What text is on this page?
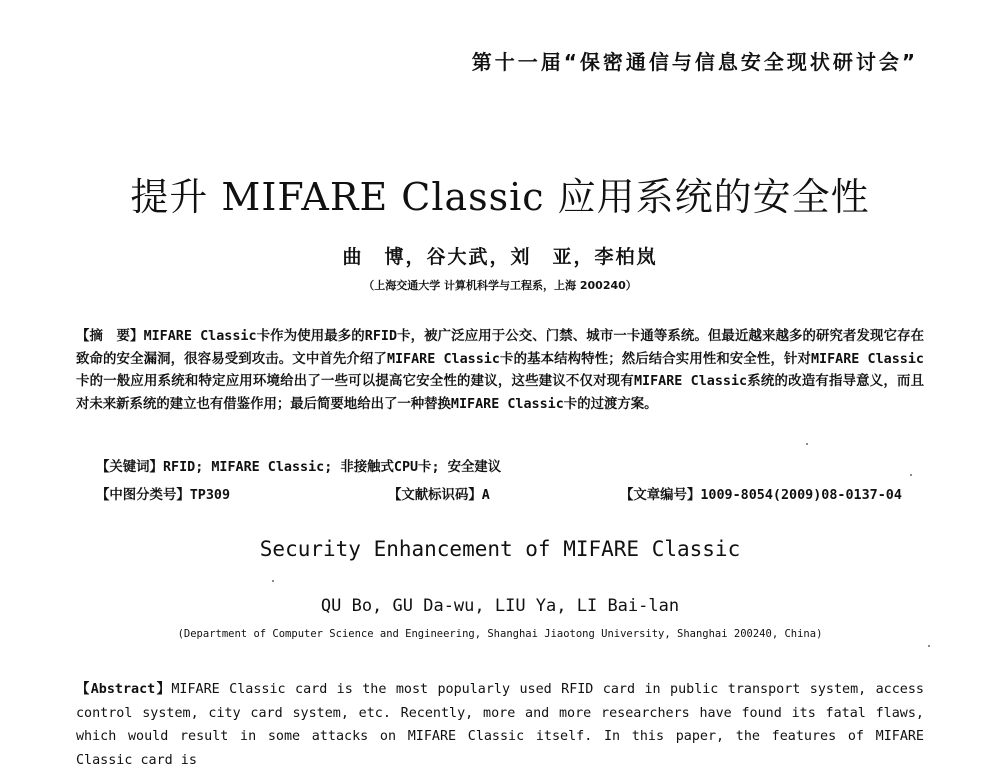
第十一届“保密通信与信息安全现状研讨会”
提升 MIFARE Classic 应用系统的安全性
曲　博，谷大武，刘　亚，李柏岚
（上海交通大学 计算机科学与工程系，上海 200240）
【摘　要】MIFARE Classic卡作为使用最多的RFID卡，被广泛应用于公交、门禁、城市一卡通等系统。但最近越来越多的研究者发现它存在致命的安全漏洞，很容易受到攻击。文中首先介绍了MIFARE Classic卡的基本结构特性；然后结合实用性和安全性，针对MIFARE Classic卡的一般应用系统和特定应用环境给出了一些可以提高它安全性的建议，这些建议不仅对现有MIFARE Classic系统的改造有指导意义，而且对未来新系统的建立也有借鉴作用；最后简要地给出了一种替换MIFARE Classic卡的过渡方案。
【关键词】RFID; MIFARE Classic; 非接触式CPU卡; 安全建议
【中图分类号】TP309	【文献标识码】A	【文章编号】1009-8054(2009)08-0137-04
Security Enhancement of MIFARE Classic
QU Bo, GU Da-wu, LIU Ya, LI Bai-lan
(Department of Computer Science and Engineering, Shanghai Jiaotong University, Shanghai 200240, China)
【Abstract】MIFARE Classic card is the most popularly used RFID card in public transport system, access control system, city card system, etc. Recently, more and more researchers have found its fatal flaws, which would result in some attacks on MIFARE Classic itself. In this paper, the features of MIFARE Classic card is
